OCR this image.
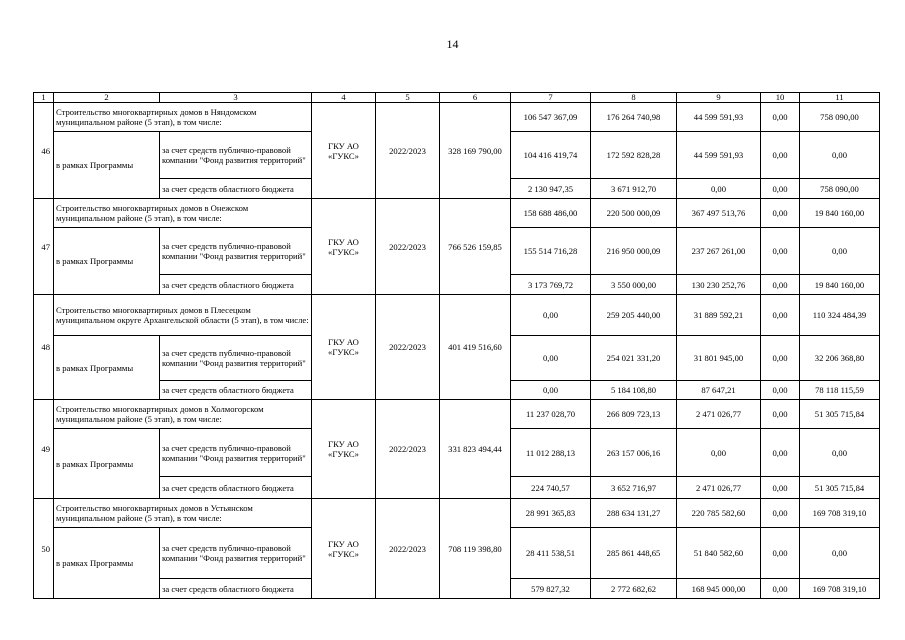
14
1	2	3	4	5	6	7	8	9	10	11
46	Строительство многоквартирных домов в Няндомском муниципальном районе (5 этап), в том числе:		ГКУ АО «ГУКС»	2022/2023	328 169 790,00	106 547 367,09	176 264 740,98	44 599 591,93	0,00	758 090,00
	в рамках Программы	за счет средств публично-правовой компании "Фонд развития территорий"				104 416 419,74	172 592 828,28	44 599 591,93	0,00	0,00
		за счет средств областного бюджета				2 130 947,35	3 671 912,70	0,00	0,00	758 090,00
47	Строительство многоквартирных домов в Онежском муниципальном районе (5 этап), в том числе:		ГКУ АО «ГУКС»	2022/2023	766 526 159,85	158 688 486,00	220 500 000,09	367 497 513,76	0,00	19 840 160,00
	в рамках Программы	за счет средств публично-правовой компании "Фонд развития территорий"				155 514 716,28	216 950 000,09	237 267 261,00	0,00	0,00
		за счет средств областного бюджета				3 173 769,72	3 550 000,00	130 230 252,76	0,00	19 840 160,00
48	Строительство многоквартирных домов в Плесецком муниципальном округе Архангельской области (5 этап), в том числе:		ГКУ АО «ГУКС»	2022/2023	401 419 516,60	0,00	259 205 440,00	31 889 592,21	0,00	110 324 484,39
	в рамках Программы	за счет средств публично-правовой компании "Фонд развития территорий"				0,00	254 021 331,20	31 801 945,00	0,00	32 206 368,80
		за счет средств областного бюджета				0,00	5 184 108,80	87 647,21	0,00	78 118 115,59
49	Строительство многоквартирных домов в Холмогорском муниципальном районе (5 этап), в том числе:		ГКУ АО «ГУКС»	2022/2023	331 823 494,44	11 237 028,70	266 809 723,13	2 471 026,77	0,00	51 305 715,84
	в рамках Программы	за счет средств публично-правовой компании "Фонд развития территорий"				11 012 288,13	263 157 006,16	0,00	0,00	0,00
		за счет средств областного бюджета				224 740,57	3 652 716,97	2 471 026,77	0,00	51 305 715,84
50	Строительство многоквартирных домов в Устьянском муниципальном районе (5 этап), в том числе:		ГКУ АО «ГУКС»	2022/2023	708 119 398,80	28 991 365,83	288 634 131,27	220 785 582,60	0,00	169 708 319,10
	в рамках Программы	за счет средств публично-правовой компании "Фонд развития территорий"				28 411 538,51	285 861 448,65	51 840 582,60	0,00	0,00
		за счет средств областного бюджета				579 827,32	2 772 682,62	168 945 000,00	0,00	169 708 319,10
